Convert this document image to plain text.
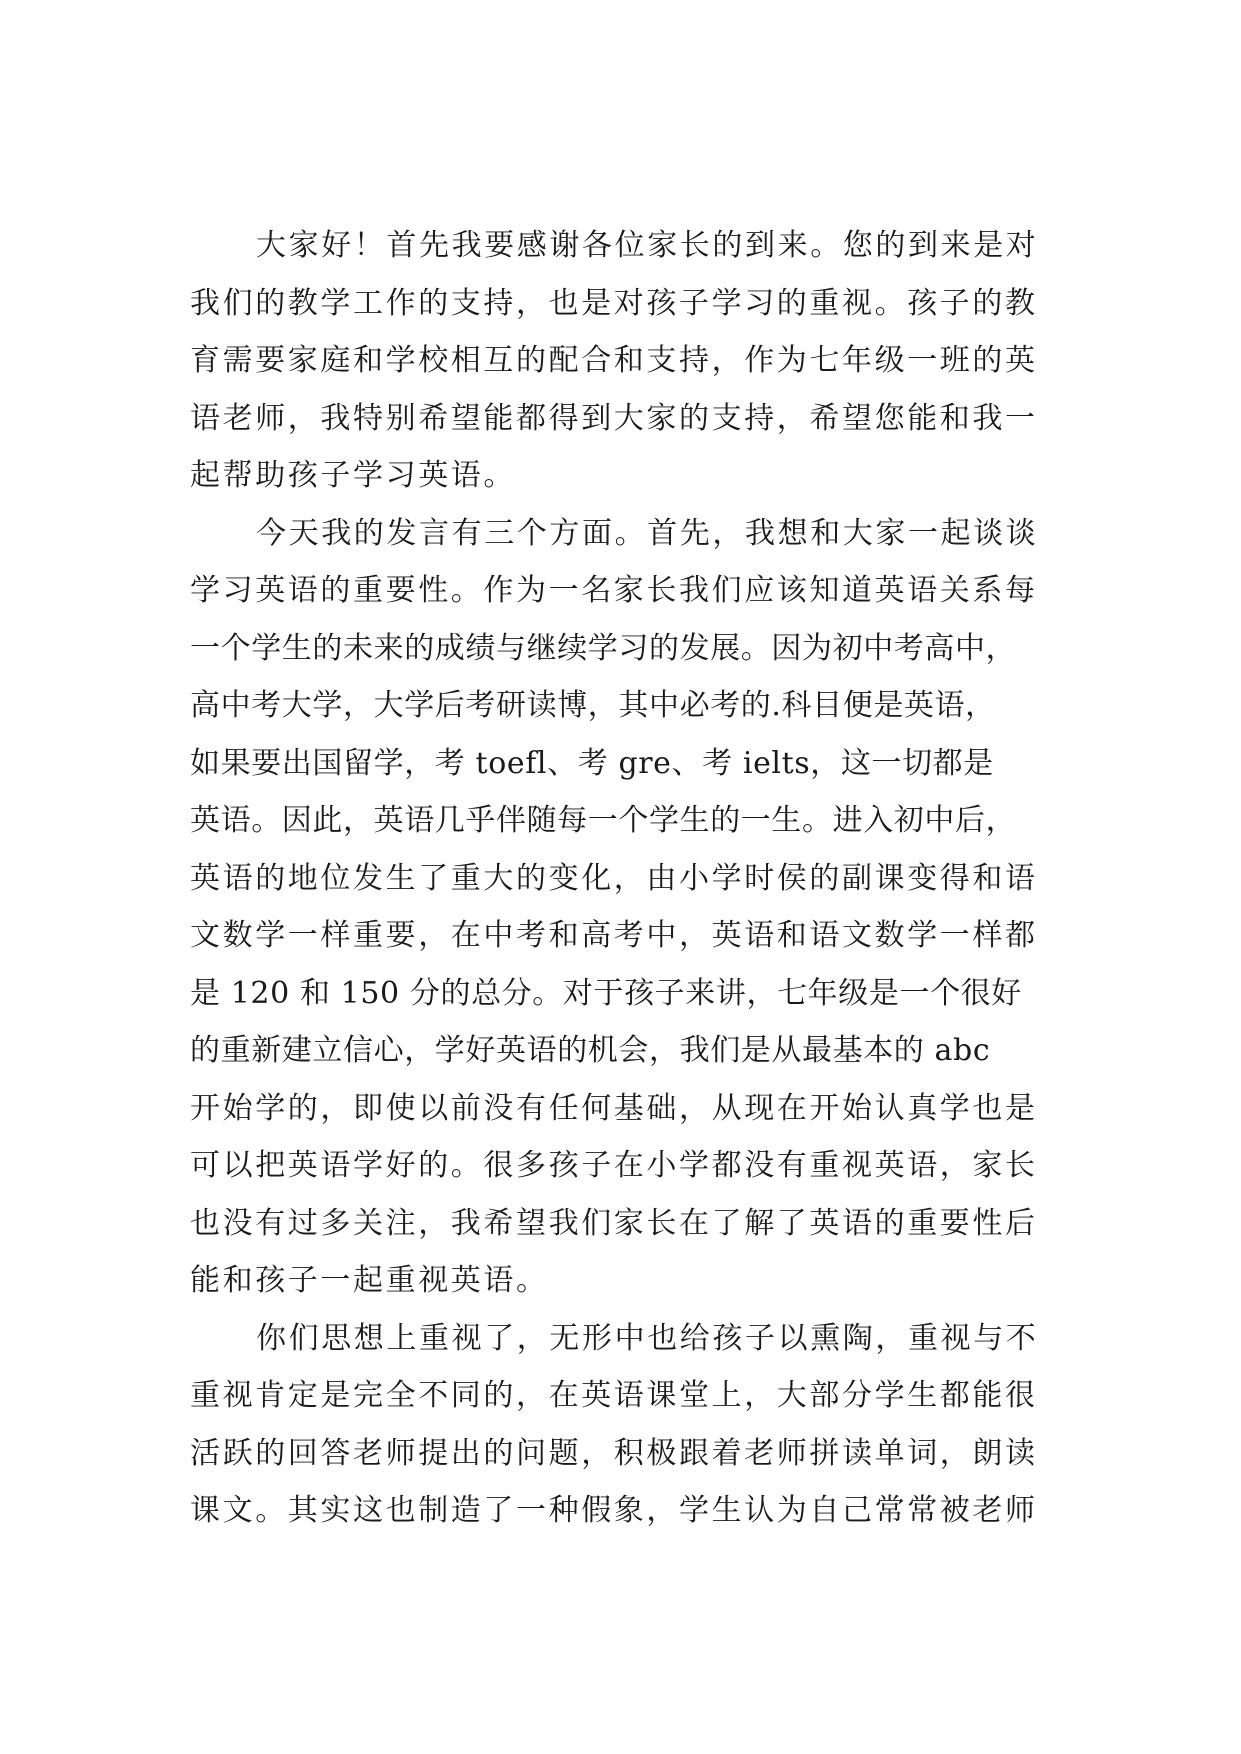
大家好！首先我要感谢各位家长的到来。您的到来是对
我们的教学工作的支持，也是对孩子学习的重视。孩子的教
育需要家庭和学校相互的配合和支持，作为七年级一班的英
语老师，我特别希望能都得到大家的支持，希望您能和我一
起帮助孩子学习英语。
今天我的发言有三个方面。首先，我想和大家一起谈谈
学习英语的重要性。作为一名家长我们应该知道英语关系每
一个学生的未来的成绩与继续学习的发展。因为初中考高中，
高中考大学，大学后考研读博，其中必考的.科目便是英语，
如果要出国留学，考 toefl、考 gre、考 ielts，这一切都是
英语。因此，英语几乎伴随每一个学生的一生。进入初中后，
英语的地位发生了重大的变化，由小学时侯的副课变得和语
文数学一样重要，在中考和高考中，英语和语文数学一样都
是 120 和 150 分的总分。对于孩子来讲，七年级是一个很好
的重新建立信心，学好英语的机会，我们是从最基本的 abc
开始学的，即使以前没有任何基础，从现在开始认真学也是
可以把英语学好的。很多孩子在小学都没有重视英语，家长
也没有过多关注，我希望我们家长在了解了英语的重要性后
能和孩子一起重视英语。
你们思想上重视了，无形中也给孩子以熏陶，重视与不
重视肯定是完全不同的，在英语课堂上，大部分学生都能很
活跃的回答老师提出的问题，积极跟着老师拼读单词，朗读
课文。其实这也制造了一种假象，学生认为自己常常被老师
